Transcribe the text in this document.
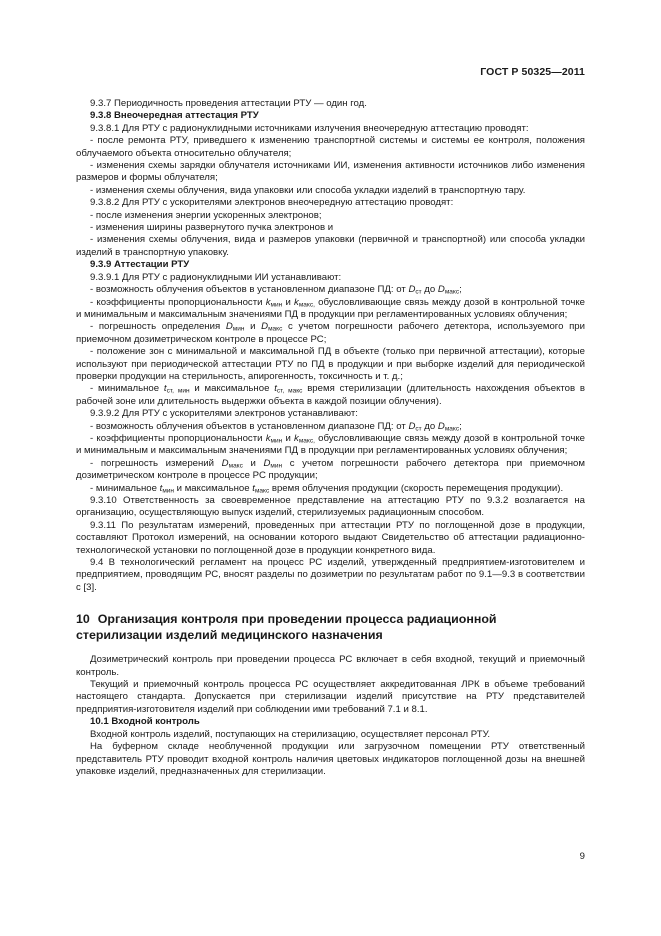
ГОСТ Р 50325—2011

9.3.7 Периодичность проведения аттестации РТУ — один год.

9.3.8 Внеочередная аттестация РТУ

9.3.8.1 Для РТУ с радионуклидными источниками излучения внеочередную аттестацию проводят:

- после ремонта РТУ, приведшего к изменению транспортной системы и системы ее контроля, положения облучаемого объекта относительно облучателя;

- изменения схемы зарядки облучателя источниками ИИ, изменения активности источников либо изменения размеров и формы облучателя;

- изменения схемы облучения, вида упаковки или способа укладки изделий в транспортную тару.

9.3.8.2 Для РТУ с ускорителями электронов внеочередную аттестацию проводят:

- после изменения энергии ускоренных электронов;

- изменения ширины развернутого пучка электронов и

- изменения схемы облучения, вида и размеров упаковки (первичной и транспортной) или способа укладки изделий в транспортную упаковку.

9.3.9 Аттестации РТУ

9.3.9.1 Для РТУ с радионуклидными ИИ устанавливают:

- возможность облучения объектов в установленном диапазоне ПД: от $D_{ст}$ до $D_{макс}$;

- коэффициенты пропорциональности $k_{мин}$ и $k_{макс,}$ обусловливающие связь между дозой в контрольной точке и минимальным и максимальным значениями ПД в продукции при регламентированных условиях облучения;

- погрешность определения $D_{мин}$ и $D_{макс}$ с учетом погрешности рабочего детектора, используемого при приемочном дозиметрическом контроле в процессе РС;

- положение зон с минимальной и максимальной ПД в объекте (только при первичной аттестации), которые используют при периодической аттестации РТУ по ПД в продукции и при выборке изделий для периодической проверки продукции на стерильность, апирогенность, токсичность и т. д.;

- минимальное $t_{ст, мин}$ и максимальное $t_{ст, макс}$ время стерилизации (длительность нахождения объектов в рабочей зоне или длительность выдержки объекта в каждой позиции облучения).

9.3.9.2 Для РТУ с ускорителями электронов устанавливают:

- возможность облучения объектов в установленном диапазоне ПД: от $D_{ст}$ до $D_{макс}$;

- коэффициенты пропорциональности $k_{мин}$ и $k_{макс,}$ обусловливающие связь между дозой в контрольной точке и минимальным и максимальным значениями ПД в продукции при регламентированных условиях облучения;

- погрешность измерений $D_{макс}$ и $D_{мин}$ с учетом погрешности рабочего детектора при приемочном дозиметрическом контроле в процессе РС продукции;

- минимальное $t_{мин}$ и максимальное $t_{макс}$ время облучения продукции (скорость перемещения продукции).

9.3.10 Ответственность за своевременное представление на аттестацию РТУ по 9.3.2 возлагается на организацию, осуществляющую выпуск изделий, стерилизуемых радиационным способом.

9.3.11 По результатам измерений, проведенных при аттестации РТУ по поглощенной дозе в продукции, составляют Протокол измерений, на основании которого выдают Свидетельство об аттестации радиационно-технологической установки по поглощенной дозе в продукции конкретного вида.

9.4 В технологический регламент на процесс РС изделий, утвержденный предприятием-изготовителем и предприятием, проводящим РС, вносят разделы по дозиметрии по результатам работ по 9.1—9.3 в соответствии с [3].

10 Организация контроля при проведении процесса радиационной стерилизации изделий медицинского назначения

Дозиметрический контроль при проведении процесса РС включает в себя входной, текущий и приемочный контроль.

Текущий и приемочный контроль процесса РС осуществляет аккредитованная ЛРК в объеме требований настоящего стандарта. Допускается при стерилизации изделий присутствие на РТУ представителей предприятия-изготовителя изделий при соблюдении ими требований 7.1 и 8.1.

10.1 Входной контроль

Входной контроль изделий, поступающих на стерилизацию, осуществляет персонал РТУ.

На буферном складе необлученной продукции или загрузочном помещении РТУ ответственный представитель РТУ проводит входной контроль наличия цветовых индикаторов поглощенной дозы на внешней упаковке изделий, предназначенных для стерилизации.

9
